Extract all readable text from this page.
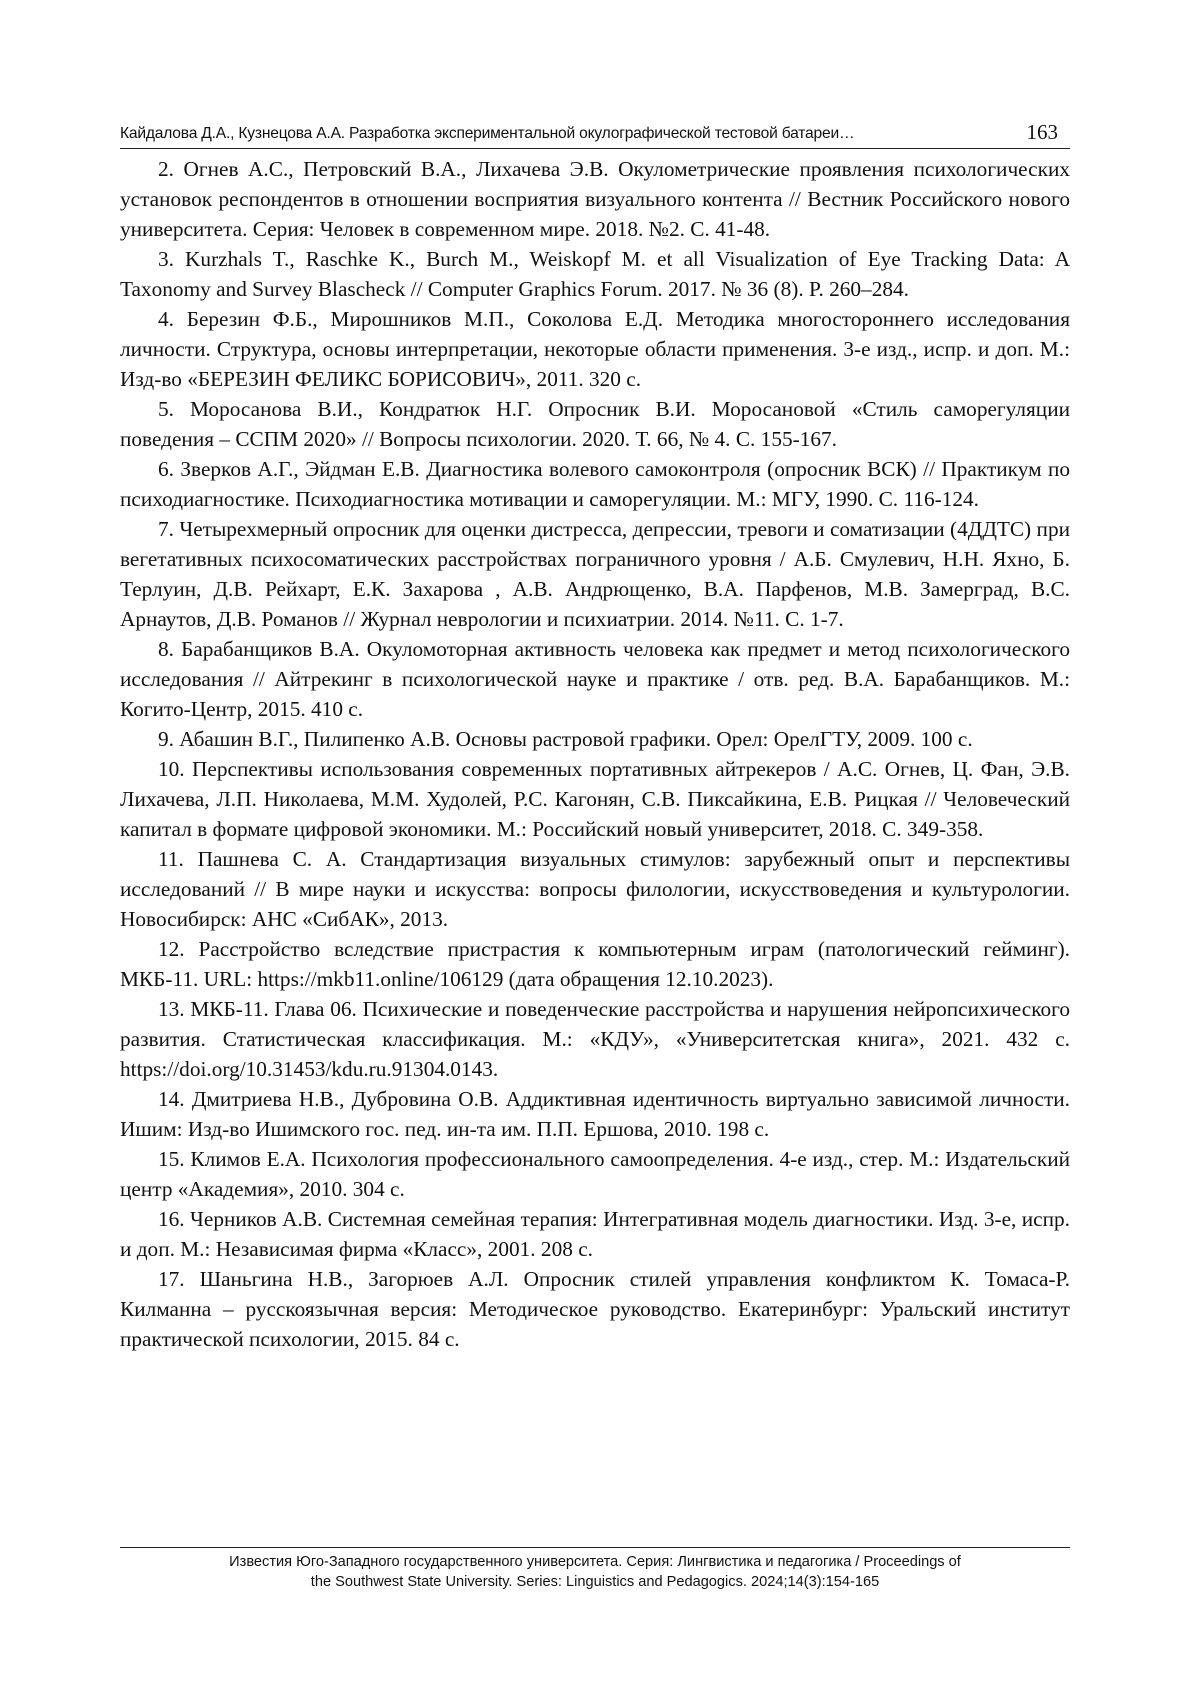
Кайдалова Д.А., Кузнецова А.А. Разработка экспериментальной окулографической тестовой батареи…	163
2. Огнев А.С., Петровский В.А., Лихачева Э.В. Окулометрические проявления психологических установок респондентов в отношении восприятия визуального контента // Вестник Российского нового университета. Серия: Человек в современном мире. 2018. №2. С. 41-48.
3. Kurzhals T., Raschke K., Burch M., Weiskopf M. et all Visualization of Eye Tracking Data: A Taxonomy and Survey Blascheck // Computer Graphics Forum. 2017. № 36 (8). P. 260–284.
4. Березин Ф.Б., Мирошников М.П., Соколова Е.Д. Методика многостороннего исследования личности. Структура, основы интерпретации, некоторые области применения. 3-е изд., испр. и доп. М.: Изд-во «БЕРЕЗИН ФЕЛИКС БОРИСОВИЧ», 2011. 320 с.
5. Моросанова В.И., Кондратюк Н.Г. Опросник В.И. Моросановой «Стиль саморегуляции поведения – ССПМ 2020» // Вопросы психологии. 2020. Т. 66, № 4. С. 155-167.
6. Зверков А.Г., Эйдман Е.В. Диагностика волевого самоконтроля (опросник ВСК) // Практикум по психодиагностике. Психодиагностика мотивации и саморегуляции. М.: МГУ, 1990. С. 116-124.
7. Четырехмерный опросник для оценки дистресса, депрессии, тревоги и соматизации (4ДДТС) при вегетативных психосоматических расстройствах пограничного уровня / А.Б. Смулевич, Н.Н. Яхно, Б. Терлуин, Д.В. Рейхарт, Е.К. Захарова , А.В. Андрющенко, В.А. Парфенов, М.В. Замерград, В.С. Арнаутов, Д.В. Романов // Журнал неврологии и психиатрии. 2014. №11. С. 1-7.
8. Барабанщиков В.А. Окуломоторная активность человека как предмет и метод психологического исследования // Айтрекинг в психологической науке и практике / отв. ред. В.А. Барабанщиков. М.: Когито-Центр, 2015. 410 с.
9. Абашин В.Г., Пилипенко А.В. Основы растровой графики. Орел: ОрелГТУ, 2009. 100 с.
10. Перспективы использования современных портативных айтрекеров / А.С. Огнев, Ц. Фан, Э.В. Лихачева, Л.П. Николаева, М.М. Худолей, Р.С. Кагонян, С.В. Пиксайкина, Е.В. Рицкая // Человеческий капитал в формате цифровой экономики. М.: Российский новый университет, 2018. С. 349-358.
11. Пашнева С. А. Стандартизация визуальных стимулов: зарубежный опыт и перспективы исследований // В мире науки и искусства: вопросы филологии, искусствоведения и культурологии. Новосибирск: АНС «СибАК», 2013.
12. Расстройство вследствие пристрастия к компьютерным играм (патологический гейминг). МКБ-11. URL: https://mkb11.online/106129 (дата обращения 12.10.2023).
13. МКБ-11. Глава 06. Психические и поведенческие расстройства и нарушения нейропсихического развития. Статистическая классификация. М.: «КДУ», «Университетская книга», 2021. 432 с. https://doi.org/10.31453/kdu.ru.91304.0143.
14. Дмитриева Н.В., Дубровина О.В. Аддиктивная идентичность виртуально зависимой личности. Ишим: Изд-во Ишимского гос. пед. ин-та им. П.П. Ершова, 2010. 198 с.
15. Климов Е.А. Психология профессионального самоопределения. 4-е изд., стер. М.: Издательский центр «Академия», 2010. 304 с.
16. Черников А.В. Системная семейная терапия: Интегративная модель диагностики. Изд. 3-е, испр. и доп. М.: Независимая фирма «Класс», 2001. 208 с.
17. Шаньгина Н.В., Загорюев А.Л. Опросник стилей управления конфликтом К. Томаса-Р. Килманна – русскоязычная версия: Методическое руководство. Екатеринбург: Уральский институт практической психологии, 2015. 84 с.
Известия Юго-Западного государственного университета. Серия: Лингвистика и педагогика / Proceedings of
the Southwest State University. Series: Linguistics and Pedagogics. 2024;14(3):154-165
